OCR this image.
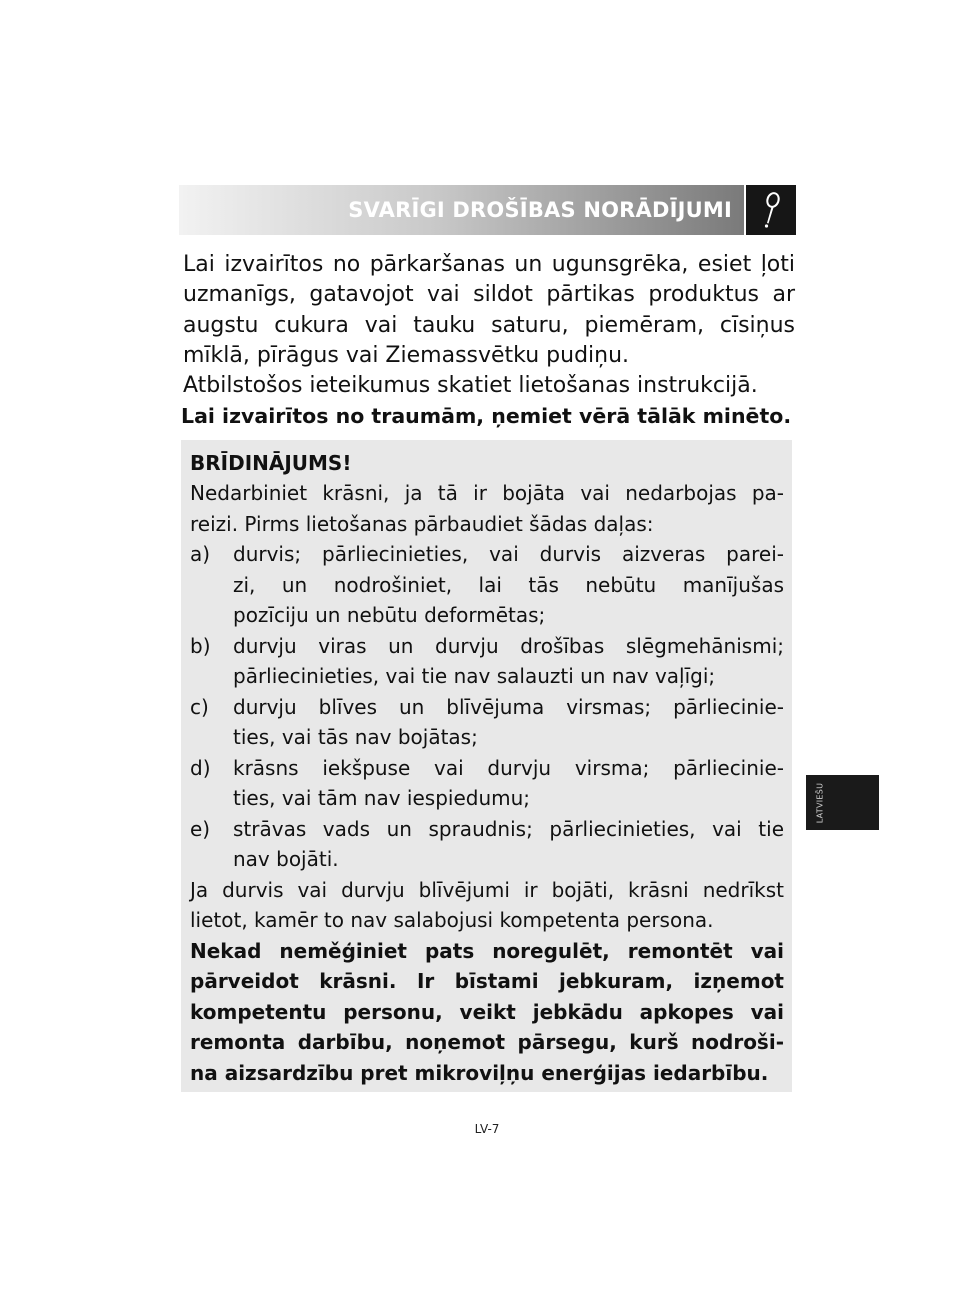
SVARĪGI DROŠĪBAS NORĀDĪJUMI
Lai izvairītos no pārkaršanas un ugunsgrēka, esiet ļoti
uzmanīgs, gatavojot vai sildot pārtikas produktus ar
augstu cukura vai tauku saturu, piemēram, cīsiņus
mīklā, pīrāgus vai Ziemassvētku pudiņu.
Atbilstošos ieteikumus skatiet lietošanas instrukcijā.

Lai izvairītos no traumām, ņemiet vērā tālāk minēto.

BRĪDINĀJUMS!

Nedarbiniet krāsni, ja tā ir bojāta vai nedarbojas pa-
reizi. Pirms lietošanas pārbaudiet šādas daļas:

a) durvis; pārliecinieties, vai durvis aizveras parei-
zi, un nodrošiniet, lai tās nebūtu manījušas
pozīciju un nebūtu deformētas;
b) durvju viras un durvju drošības slēgmehānismi;
pārliecinieties, vai tie nav salauzti un nav vaļīgi;
c) durvju blīves un blīvējuma virsmas; pārliecinie-
ties, vai tās nav bojātas;
d) krāsns iekšpuse vai durvju virsma; pārliecinie-
ties, vai tām nav iespiedumu;
e) strāvas vads un spraudnis; pārliecinieties, vai tie
nav bojāti.

Ja durvis vai durvju blīvējumi ir bojāti, krāsni nedrīkst
lietot, kamēr to nav salabojusi kompetenta persona.

Nekad neměģiniet pats noregulēt, remontēt vai
pārveidot krāsni. Ir bīstami jebkuram, izņemot
kompetentu personu, veikt jebkādu apkopes vai
remonta darbību, noņemot pārsegu, kurš nodroši-
na aizsardzību pret mikroviļņu enerģijas iedarbību.

LATVIEŠU
LV-7
